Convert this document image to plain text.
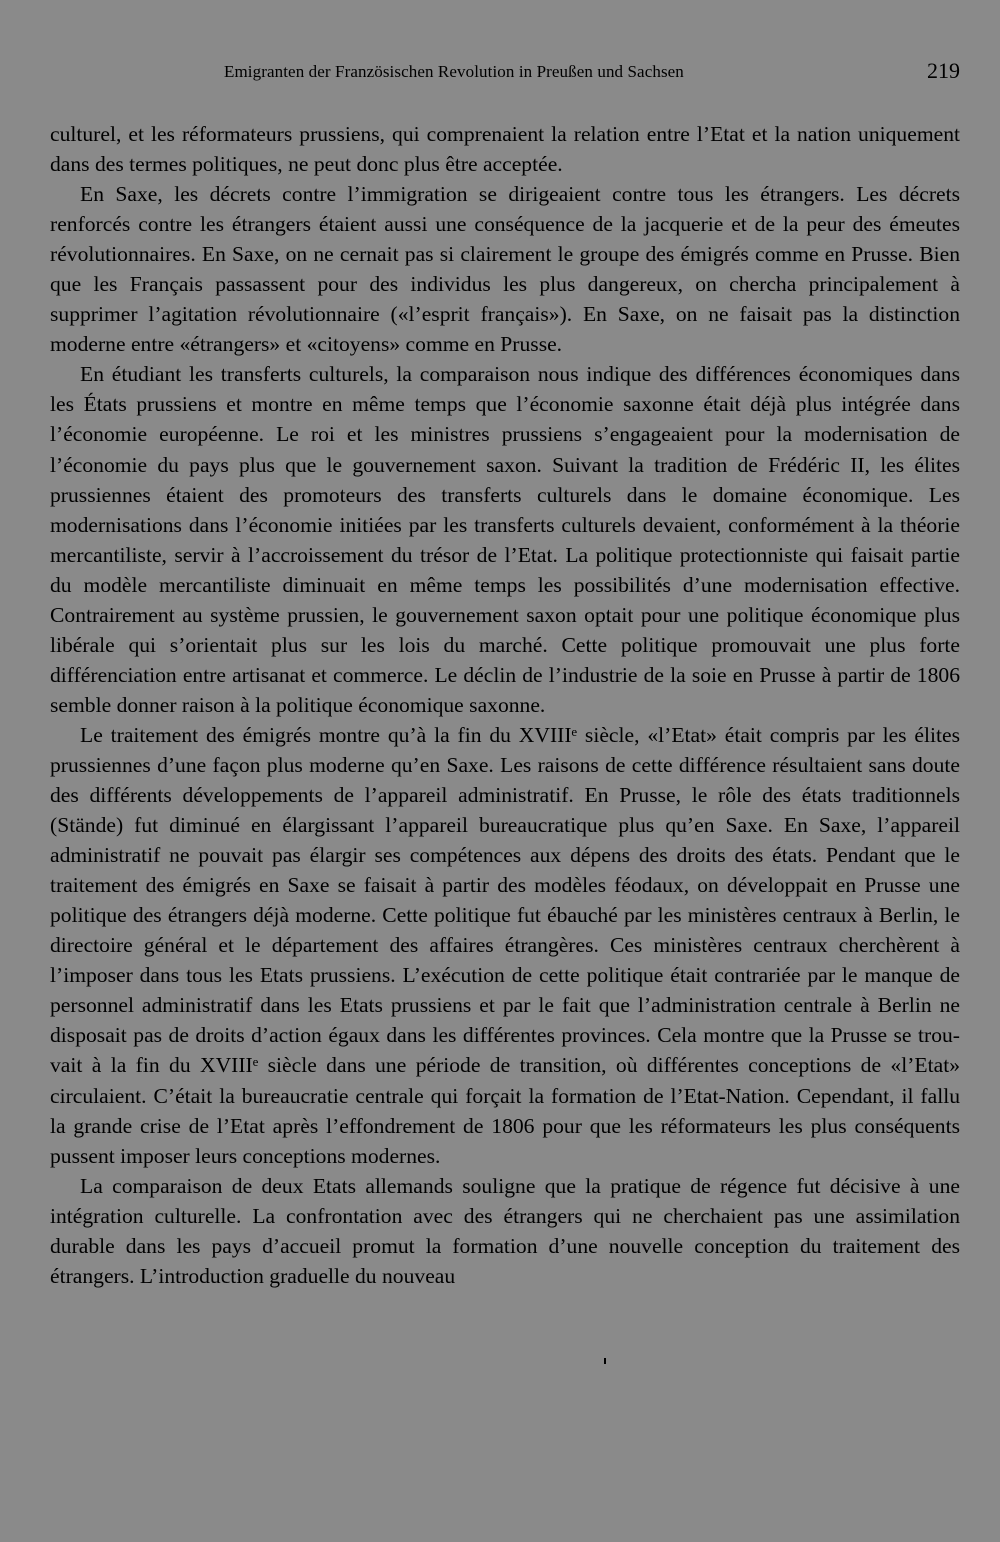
Emigranten der Französischen Revolution in Preußen und Sachsen	219

culturel, et les réformateurs prussiens, qui comprenaient la relation entre l’Etat et la nation uniquement dans des termes politiques, ne peut donc plus être acceptée.

En Saxe, les décrets contre l’immigration se dirigeaient contre tous les étrangers. Les décrets renforcés contre les étrangers étaient aussi une conséquence de la jacquerie et de la peur des émeutes révolutionnaires. En Saxe, on ne cernait pas si clairement le groupe des émigrés comme en Prusse. Bien que les Français passassent pour des individus les plus dangereux, on chercha principalement à supprimer l’agitation révolutionnaire («l’esprit français»). En Saxe, on ne faisait pas la distinction moderne entre «étrangers» et «citoyens» comme en Prusse.

En étudiant les transferts culturels, la comparaison nous indique des différences économiques dans les États prussiens et montre en même temps que l’économie saxonne était déjà plus intégrée dans l’économie européenne. Le roi et les ministres prussiens s’engageaient pour la modernisation de l’économie du pays plus que le gouvernement saxon. Suivant la tradition de Frédéric II, les élites prussiennes étaient des promoteurs des transferts culturels dans le domaine économique. Les modernisations dans l’économie initiées par les transferts culturels devaient, conformément à la théorie mercantiliste, servir à l’accroissement du trésor de l’Etat. La politique protectionniste qui faisait partie du modèle mercantiliste diminuait en même temps les possibilités d’une modernisation effective. Contrairement au système prussien, le gouvernement saxon optait pour une politique économique plus libérale qui s’orientait plus sur les lois du marché. Cette politique promouvait une plus forte différenciation entre artisanat et commerce. Le déclin de l’industrie de la soie en Prusse à partir de 1806 semble donner raison à la politique économique saxonne.

Le traitement des émigrés montre qu’à la fin du XVIIIᵉ siècle, «l’Etat» était compris par les élites prussiennes d’une façon plus moderne qu’en Saxe. Les raisons de cette différence résultaient sans doute des différents développements de l’appareil administratif. En Prusse, le rôle des états traditionnels (Stände) fut diminué en élargissant l’appareil bureaucratique plus qu’en Saxe. En Saxe, l’appareil administratif ne pouvait pas élargir ses compétences aux dépens des droits des états. Pendant que le traitement des émigrés en Saxe se faisait à partir des modèles féodaux, on développait en Prusse une politique des étrangers déjà moderne. Cette politique fut ébauché par les ministères centraux à Berlin, le directoire général et le département des affaires étrangères. Ces ministères centraux cherchèrent à l’imposer dans tous les Etats prussiens. L’exécution de cette politique était contrariée par le manque de personnel administratif dans les Etats prussiens et par le fait que l’administration centrale à Berlin ne disposait pas de droits d’action égaux dans les différentes provinces. Cela montre que la Prusse se trouvait à la fin du XVIIIᵉ siècle dans une période de transition, où différentes conceptions de «l’Etat» circulaient. C’était la bureaucratie centrale qui forçait la formation de l’Etat-Nation. Cependant, il fallu la grande crise de l’Etat après l’effondrement de 1806 pour que les réformateurs les plus conséquents pussent imposer leurs conceptions modernes.

La comparaison de deux Etats allemands souligne que la pratique de régence fut décisive à une intégration culturelle. La confrontation avec des étrangers qui ne cherchaient pas une assimilation durable dans les pays d’accueil promut la formation d’une nouvelle conception du traitement des étrangers. L’introduction graduelle du nouveau
